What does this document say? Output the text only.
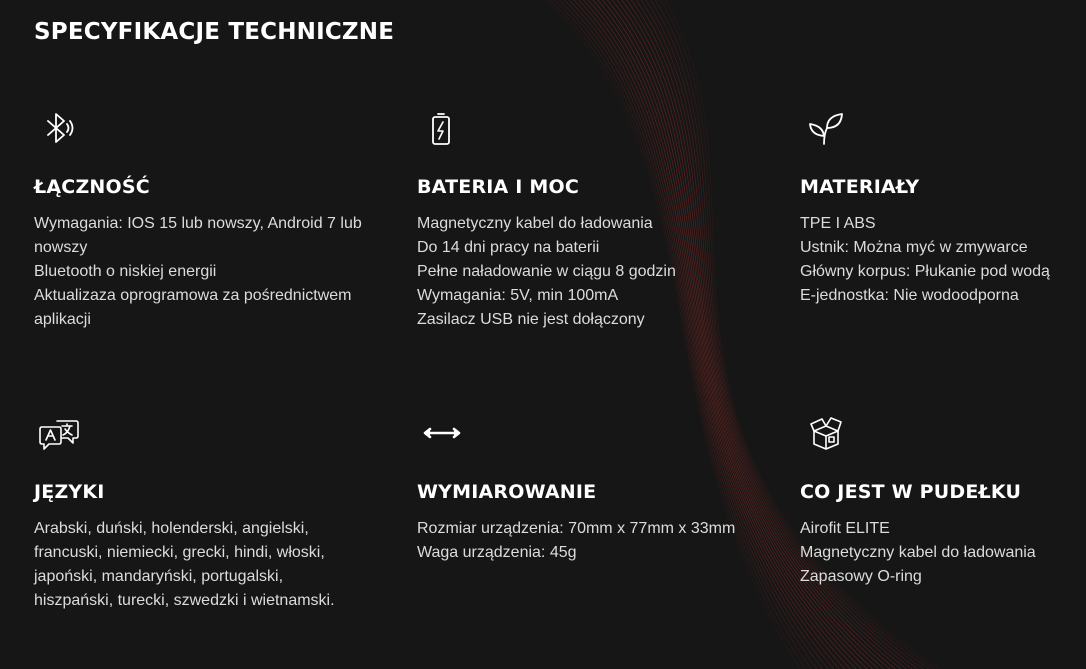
SPECYFIKACJE TECHNICZNE
ŁĄCZNOŚĆ
Wymagania: IOS 15 lub nowszy, Android 7 lub nowszy
Bluetooth o niskiej energii
Aktualizaza oprogramowa za pośrednictwem aplikacji
BATERIA I MOC
Magnetyczny kabel do ładowania
Do 14 dni pracy na baterii
Pełne naładowanie w ciągu 8 godzin
Wymagania: 5V, min 100mA
Zasilacz USB nie jest dołączony
MATERIAŁY
TPE I ABS
Ustnik: Można myć w zmywarce
Główny korpus: Płukanie pod wodą
E-jednostka: Nie wodoodporna
JĘZYKI
Arabski, duński, holenderski, angielski, francuski, niemiecki, grecki, hindi, włoski, japoński, mandaryński, portugalski, hiszpański, turecki, szwedzki i wietnamski.
WYMIAROWANIE
Rozmiar urządzenia: 70mm x 77mm x 33mm
Waga urządzenia: 45g
CO JEST W PUDEŁKU
Airofit ELITE
Magnetyczny kabel do ładowania
Zapasowy O-ring
